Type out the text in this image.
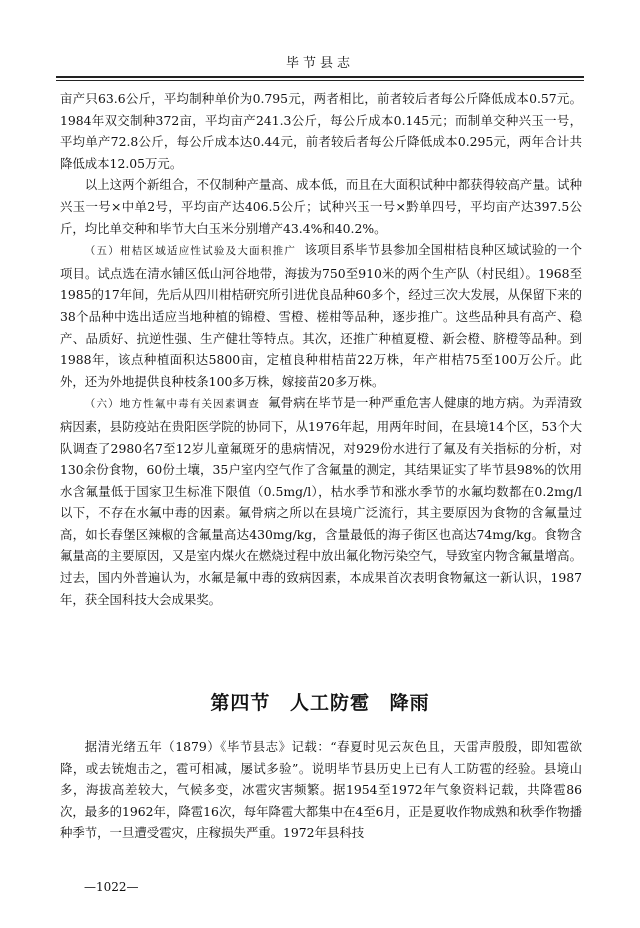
毕节县志

亩产只63.6公斤，平均制种单价为0.795元，两者相比，前者较后者每公斤降低成本0.57元。1984年双交制种372亩，平均亩产241.3公斤，每公斤成本0.145元；而制单交种兴玉一号，平均单产72.8公斤，每公斤成本达0.44元，前者较后者每公斤降低成本0.295元，两年合计共降低成本12.05万元。

以上这两个新组合，不仅制种产量高、成本低，而且在大面积试种中都获得较高产量。试种兴玉一号×中单2号，平均亩产达406.5公斤；试种兴玉一号×黔单四号，平均亩产达397.5公斤，均比单交种和毕节大白玉米分别增产43.4%和40.2%。

（五）柑桔区域适应性试验及大面积推广 该项目系毕节县参加全国柑桔良种区域试验的一个项目。试点选在清水铺区低山河谷地带，海拔为750至910米的两个生产队（村民组）。1968至1985的17年间，先后从四川柑桔研究所引进优良品种60多个，经过三次大发展，从保留下来的38个品种中选出适应当地种植的锦橙、雪橙、槎柑等品种，逐步推广。这些品种具有高产、稳产、品质好、抗逆性强、生产健壮等特点。其次，还推广种植夏橙、新会橙、脐橙等品种。到1988年，该点种植面积达5800亩，定植良种柑桔苗22万株，年产柑桔75至100万公斤。此外，还为外地提供良种枝条100多万株，嫁接苗20多万株。

（六）地方性氟中毒有关因素调查 氟骨病在毕节是一种严重危害人健康的地方病。为弄清致病因素，县防疫站在贵阳医学院的协同下，从1976年起，用两年时间，在县境14个区，53个大队调查了2980名7至12岁儿童氟斑牙的患病情况，对929份水进行了氟及有关指标的分析，对130余份食物，60份土壤，35户室内空气作了含氟量的测定，其结果证实了毕节县98%的饮用水含氟量低于国家卫生标准下限值（0.5mg/l），枯水季节和涨水季节的水氟均数都在0.2mg/l以下，不存在水氟中毒的因素。氟骨病之所以在县境广泛流行，其主要原因为食物的含氟量过高，如长春堡区辣椒的含氟量高达430mg/kg，含量最低的海子街区也高达74mg/kg。食物含氟量高的主要原因，又是室内煤火在燃烧过程中放出氟化物污染空气，导致室内物含氟量增高。过去，国内外普遍认为，水氟是氟中毒的致病因素，本成果首次表明食物氟这一新认识，1987年，获全国科技大会成果奖。

第四节 人工防雹 降雨

据清光绪五年（1879）《毕节县志》记载：“春夏时见云灰色且，天雷声殷殷，即知雹欲降，或去铳炮击之，雹可相减，屡试多验”。说明毕节县历史上已有人工防雹的经验。县境山多，海拔高差较大，气候多变，冰雹灾害频繁。据1954至1972年气象资料记载，共降雹86次，最多的1962年，降雹16次，每年降雹大都集中在4至6月，正是夏收作物成熟和秋季作物播种季节，一旦遭受雹灾，庄稼损失严重。1972年县科技

—1022—
